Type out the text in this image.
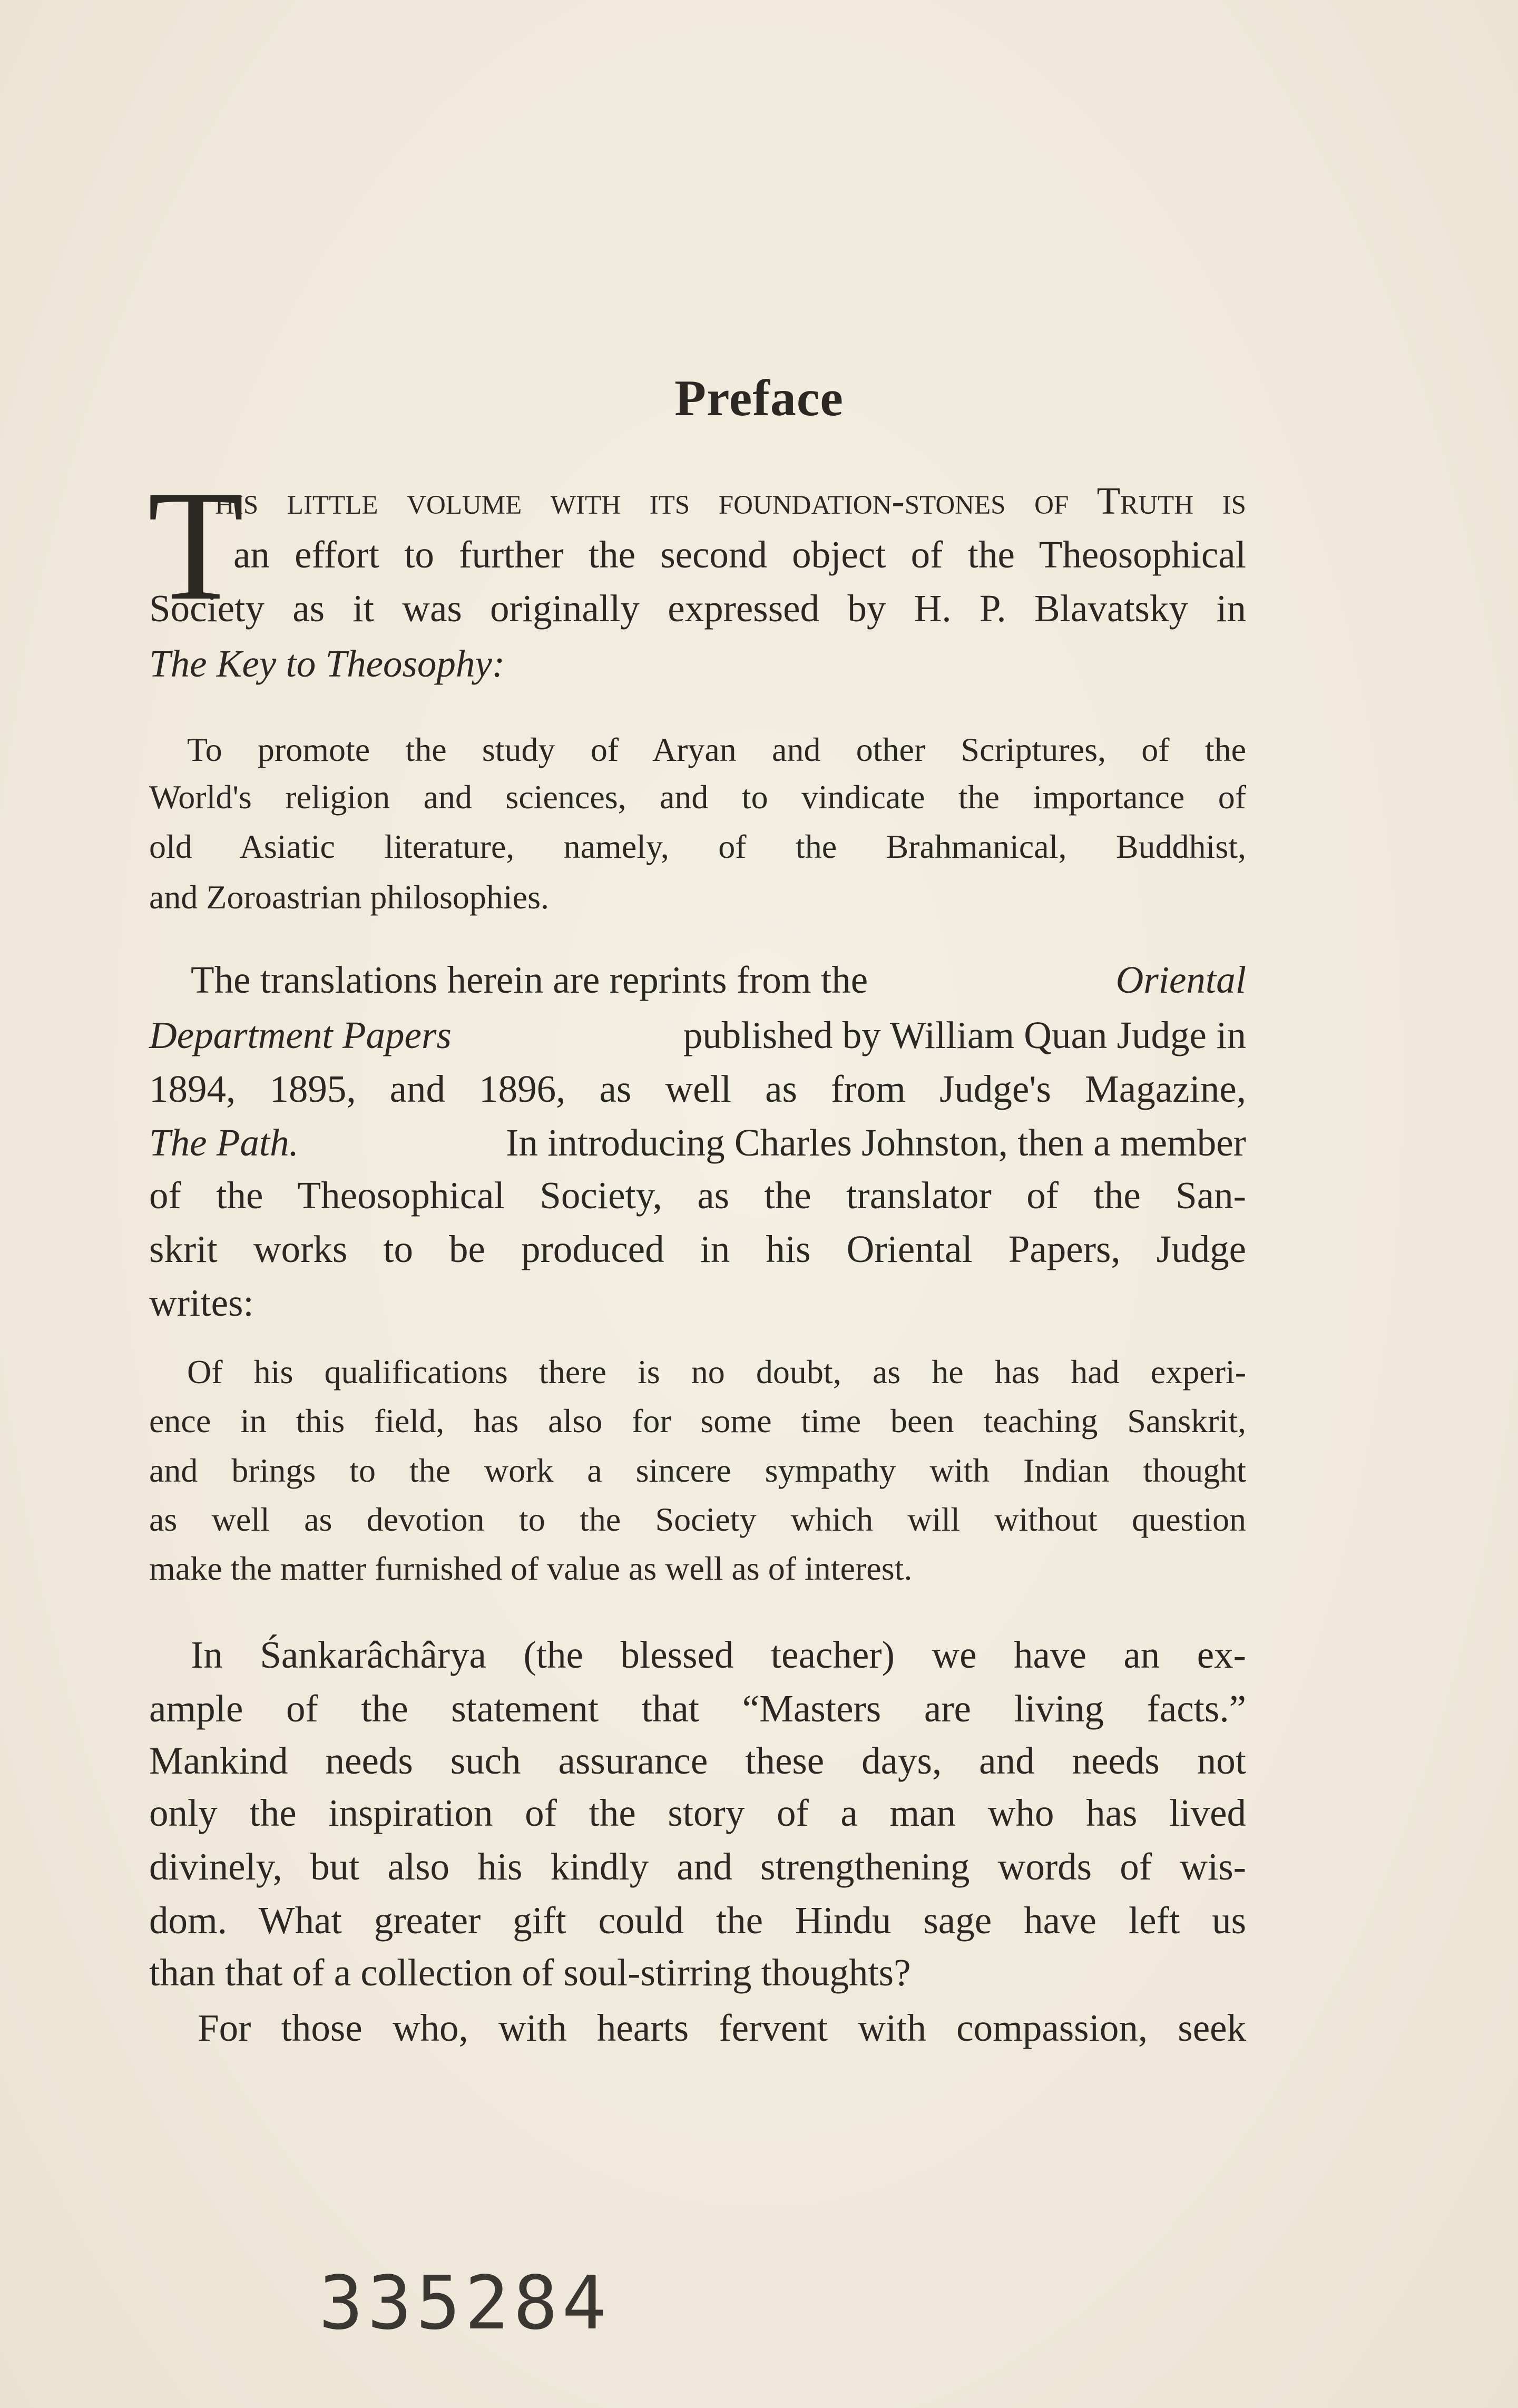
Preface
T
his little volume with its foundation-stones of Truth is
an effort to further the second object of the Theosophical
Society as it was originally expressed by H. P. Blavatsky in
The Key to Theosophy:
To promote the study of Aryan and other Scriptures, of the
World's religion and sciences, and to vindicate the importance of
old Asiatic literature, namely, of the Brahmanical, Buddhist,
and Zoroastrian philosophies.
The translations herein are reprints from the	Oriental
Department Papers	published by William Quan Judge in
1894, 1895, and 1896, as well as from Judge's Magazine,
The Path.	In introducing Charles Johnston, then a member
of the Theosophical Society, as the translator of the San-
skrit works to be produced in his Oriental Papers, Judge
writes:
Of his qualifications there is no doubt, as he has had experi-
ence in this field, has also for some time been teaching Sanskrit,
and brings to the work a sincere sympathy with Indian thought
as well as devotion to the Society which will without question
make the matter furnished of value as well as of interest.
In Śankarâchârya (the blessed teacher) we have an ex-
ample of the statement that “Masters are living facts.”
Mankind needs such assurance these days, and needs not
only the inspiration of the story of a man who has lived
divinely, but also his kindly and strengthening words of wis-
dom. What greater gift could the Hindu sage have left us
than that of a collection of soul-stirring thoughts?
For those who, with hearts fervent with compassion, seek
335284
